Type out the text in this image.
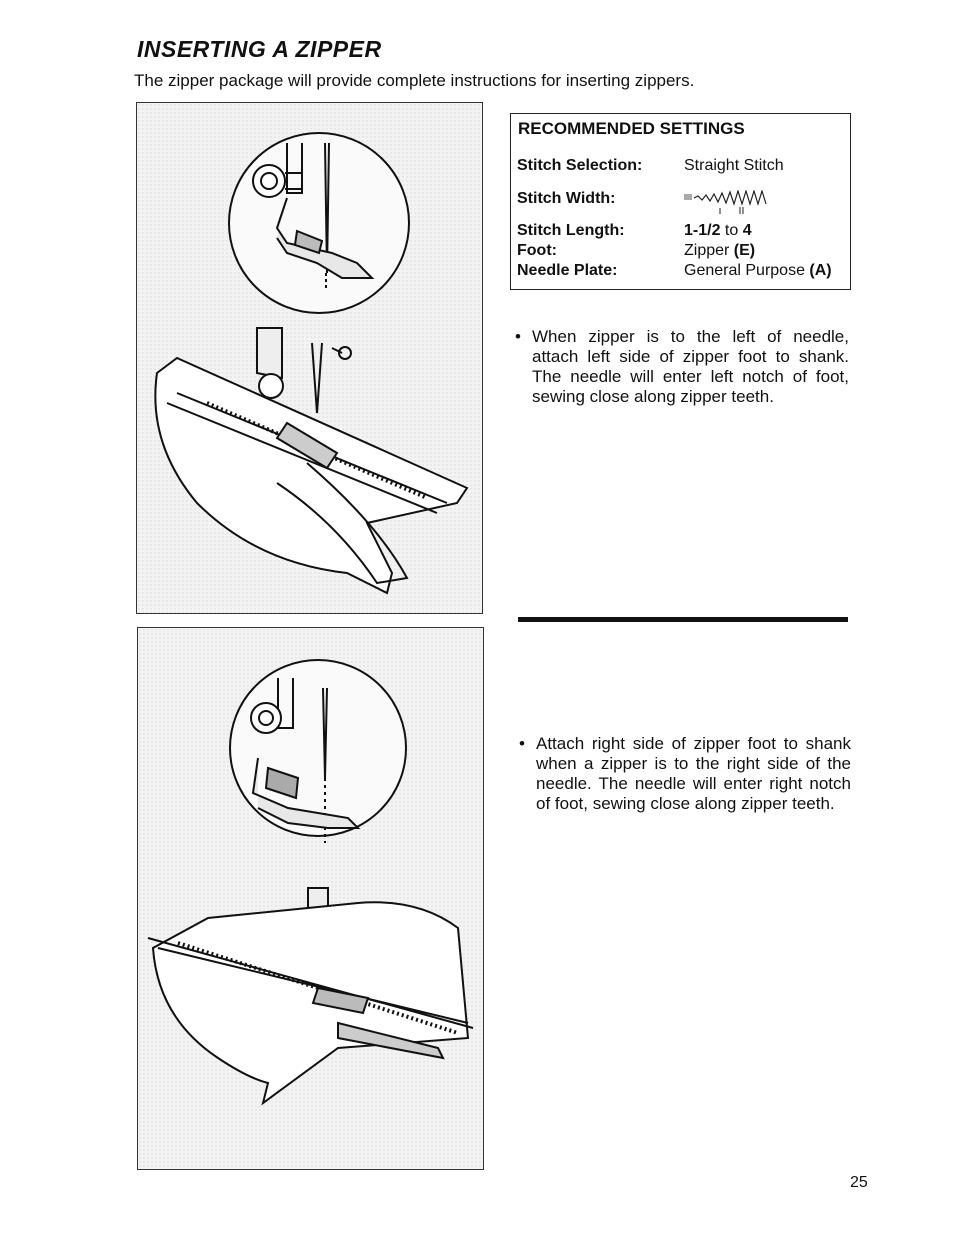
INSERTING A ZIPPER
The zipper package will provide complete instructions for inserting zippers.
RECOMMENDED SETTINGS
Stitch Selection:	Straight Stitch
Stitch Width:
Stitch Length:	1-1/2 to 4
Foot:	Zipper (E)
Needle Plate:	General Purpose (A)
• When zipper is to the left of needle, attach left side of zipper foot to shank. The needle will enter left notch of foot, sewing close along zipper teeth.
• Attach right side of zipper foot to shank when a zipper is to the right side of the needle. The needle will enter right notch of foot, sewing close along zipper teeth.
25
